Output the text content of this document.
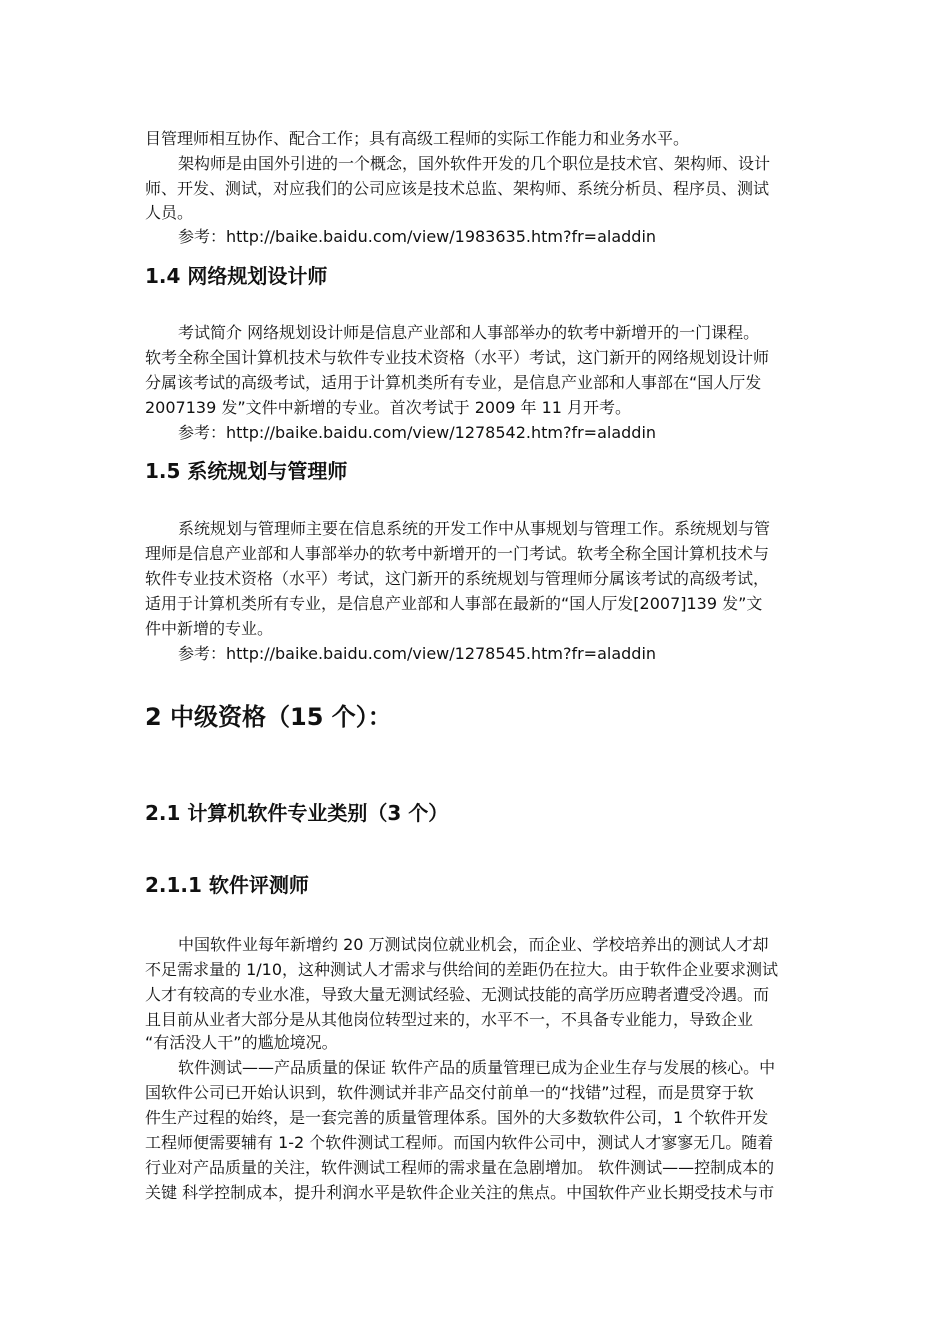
目管理师相互协作、配合工作；具有高级工程师的实际工作能力和业务水平。
架构师是由国外引进的一个概念，国外软件开发的几个职位是技术官、架构师、设计
师、开发、测试，对应我们的公司应该是技术总监、架构师、系统分析员、程序员、测试
人员。
参考：http://baike.baidu.com/view/1983635.htm?fr=aladdin
1.4 网络规划设计师
考试简介 网络规划设计师是信息产业部和人事部举办的软考中新增开的一门课程。
软考全称全国计算机技术与软件专业技术资格（水平）考试，这门新开的网络规划设计师
分属该考试的高级考试，适用于计算机类所有专业，是信息产业部和人事部在“国人厅发
2007139 发”文件中新增的专业。首次考试于 2009 年 11 月开考。
参考：http://baike.baidu.com/view/1278542.htm?fr=aladdin
1.5 系统规划与管理师
系统规划与管理师主要在信息系统的开发工作中从事规划与管理工作。系统规划与管
理师是信息产业部和人事部举办的软考中新增开的一门考试。软考全称全国计算机技术与
软件专业技术资格（水平）考试，这门新开的系统规划与管理师分属该考试的高级考试，
适用于计算机类所有专业，是信息产业部和人事部在最新的“国人厅发[2007]139 发”文
件中新增的专业。
参考：http://baike.baidu.com/view/1278545.htm?fr=aladdin
2 中级资格（15 个）：
2.1 计算机软件专业类别（3 个）
2.1.1 软件评测师
中国软件业每年新增约 20 万测试岗位就业机会，而企业、学校培养出的测试人才却
不足需求量的 1/10，这种测试人才需求与供给间的差距仍在拉大。由于软件企业要求测试
人才有较高的专业水准，导致大量无测试经验、无测试技能的高学历应聘者遭受冷遇。而
且目前从业者大部分是从其他岗位转型过来的，水平不一，不具备专业能力，导致企业
“有活没人干”的尴尬境况。
软件测试——产品质量的保证 软件产品的质量管理已成为企业生存与发展的核心。中
国软件公司已开始认识到，软件测试并非产品交付前单一的“找错”过程，而是贯穿于软
件生产过程的始终，是一套完善的质量管理体系。国外的大多数软件公司，1 个软件开发
工程师便需要辅有 1-2 个软件测试工程师。而国内软件公司中，测试人才寥寥无几。随着
行业对产品质量的关注，软件测试工程师的需求量在急剧增加。 软件测试——控制成本的
关键 科学控制成本，提升利润水平是软件企业关注的焦点。中国软件产业长期受技术与市
